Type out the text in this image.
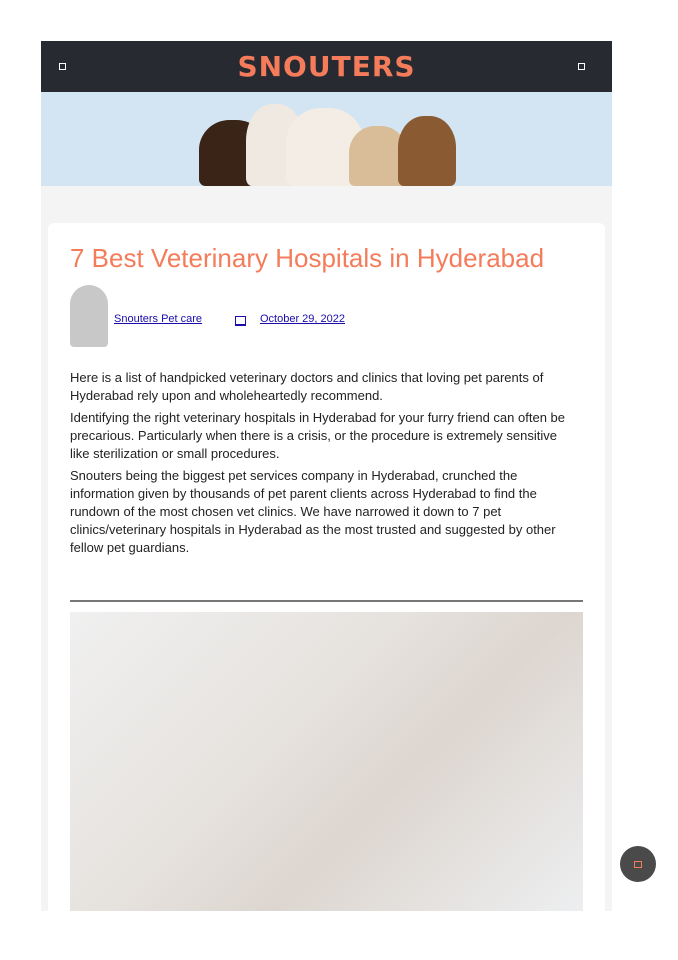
SNOUTERS
7 Best Veterinary Hospitals in Hyderabad
Snouters Pet care	October 29, 2022

Here is a list of handpicked veterinary doctors and clinics that loving pet parents of Hyderabad rely upon and wholeheartedly recommend.

Identifying the right veterinary hospitals in Hyderabad for your furry friend can often be precarious. Particularly when there is a crisis, or the procedure is extremely sensitive like sterilization or small procedures.

Snouters being the biggest pet services company in Hyderabad, crunched the information given by thousands of pet parent clients across Hyderabad to find the rundown of the most chosen vet clinics. We have narrowed it down to 7 pet clinics/veterinary hospitals in Hyderabad as the most trusted and suggested by other fellow pet guardians.
